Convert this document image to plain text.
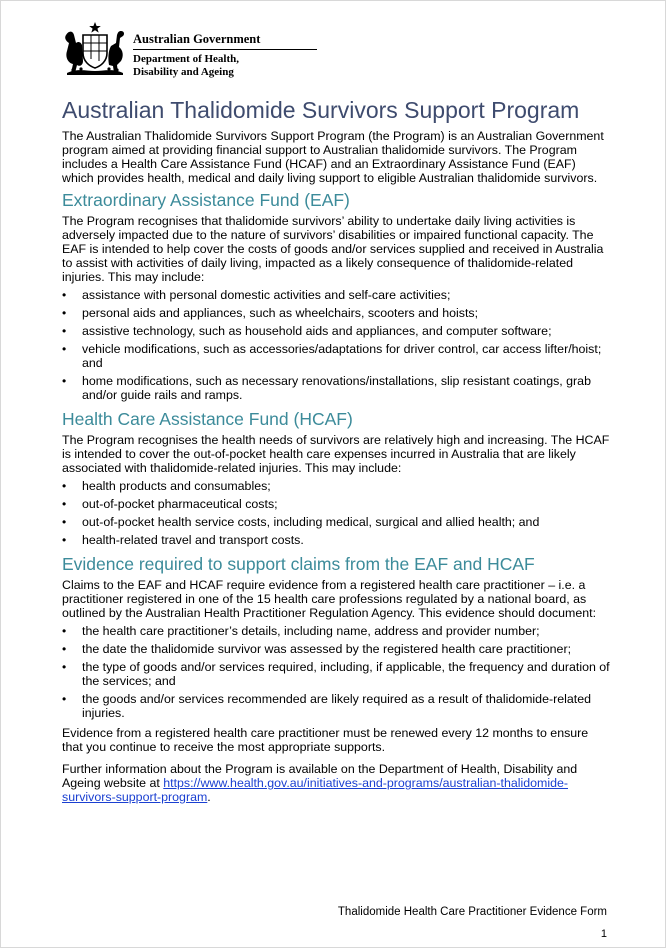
Australian Government
Department of Health,
Disability and Ageing
Australian Thalidomide Survivors Support Program

The Australian Thalidomide Survivors Support Program (the Program) is an Australian Government program aimed at providing financial support to Australian thalidomide survivors. The Program includes a Health Care Assistance Fund (HCAF) and an Extraordinary Assistance Fund (EAF) which provides health, medical and daily living support to eligible Australian thalidomide survivors.

Extraordinary Assistance Fund (EAF)

The Program recognises that thalidomide survivors’ ability to undertake daily living activities is adversely impacted due to the nature of survivors’ disabilities or impaired functional capacity. The EAF is intended to help cover the costs of goods and/or services supplied and received in Australia to assist with activities of daily living, impacted as a likely consequence of thalidomide-related injuries. This may include:

• assistance with personal domestic activities and self-care activities;
• personal aids and appliances, such as wheelchairs, scooters and hoists;
• assistive technology, such as household aids and appliances, and computer software;
• vehicle modifications, such as accessories/adaptations for driver control, car access lifter/hoist; and
• home modifications, such as necessary renovations/installations, slip resistant coatings, grab and/or guide rails and ramps.
Health Care Assistance Fund (HCAF)

The Program recognises the health needs of survivors are relatively high and increasing. The HCAF is intended to cover the out-of-pocket health care expenses incurred in Australia that are likely associated with thalidomide-related injuries. This may include:

• health products and consumables;
• out-of-pocket pharmaceutical costs;
• out-of-pocket health service costs, including medical, surgical and allied health; and
• health-related travel and transport costs.
Evidence required to support claims from the EAF and HCAF

Claims to the EAF and HCAF require evidence from a registered health care practitioner – i.e. a practitioner registered in one of the 15 health care professions regulated by a national board, as outlined by the Australian Health Practitioner Regulation Agency. This evidence should document:

• the health care practitioner’s details, including name, address and provider number;
• the date the thalidomide survivor was assessed by the registered health care practitioner;
• the type of goods and/or services required, including, if applicable, the frequency and duration of the services; and
• the goods and/or services recommended are likely required as a result of thalidomide-related injuries.

Evidence from a registered health care practitioner must be renewed every 12 months to ensure that you continue to receive the most appropriate supports.

Further information about the Program is available on the Department of Health, Disability and Ageing website at https://www.health.gov.au/initiatives-and-programs/australian-thalidomide-survivors-support-program.

Thalidomide Health Care Practitioner Evidence Form
1
